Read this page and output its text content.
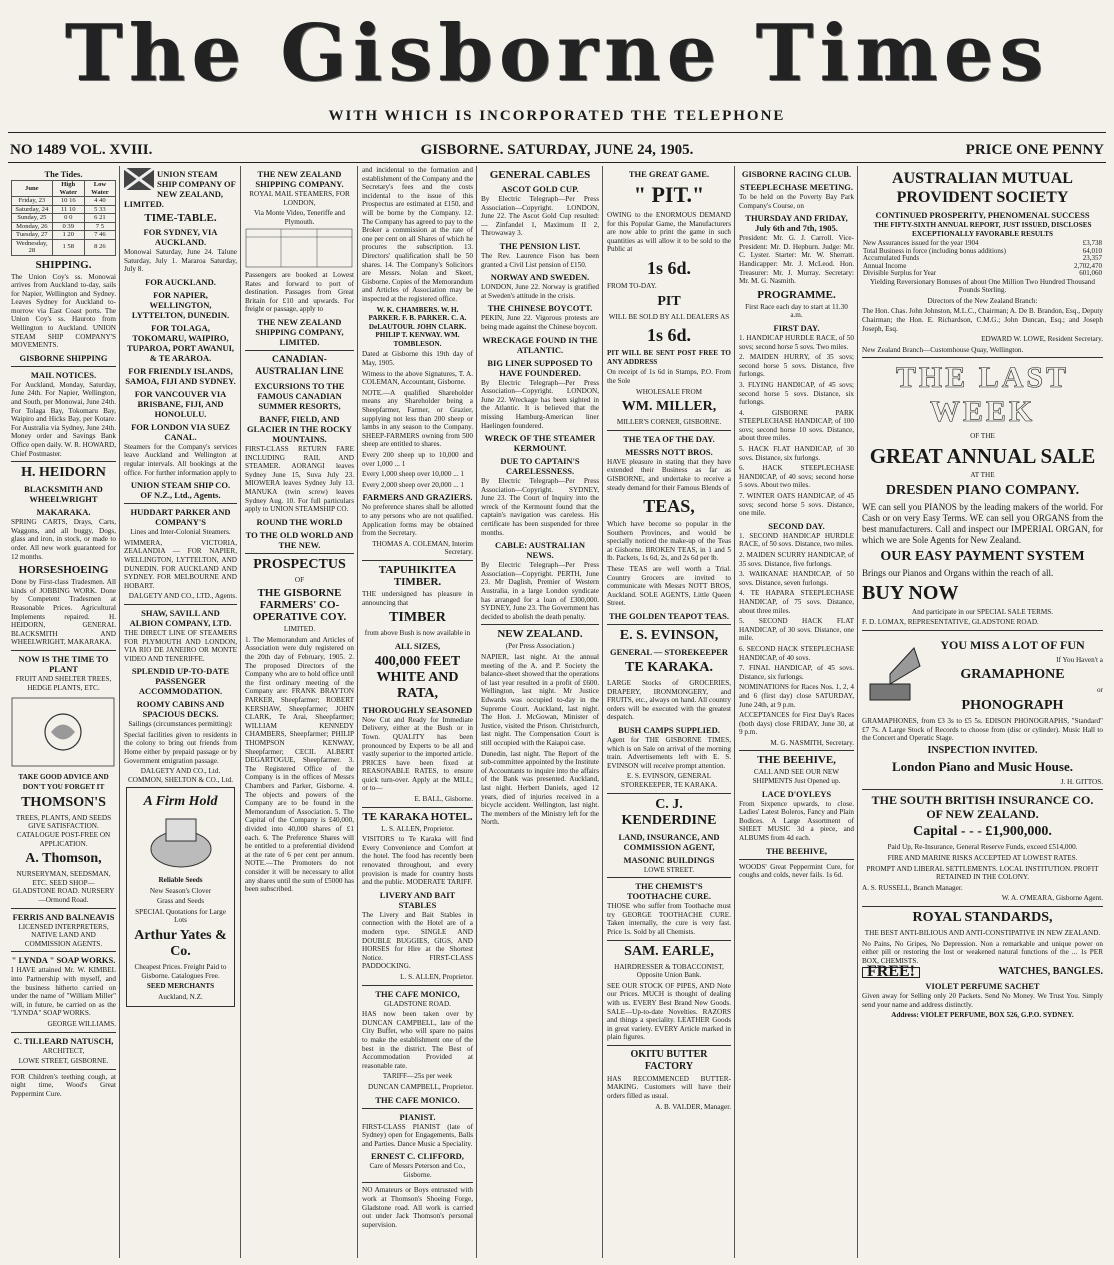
The Gisborne Times
WITH WHICH IS INCORPORATED THE TELEPHONE
NO 1489 VOL. XVIII.	GISBORNE. SATURDAY, JUNE 24, 1905.	PRICE ONE PENNY
The Tides.
June	High Water	Low Water
Friday, 23	10 16	4 40
Saturday, 24	11 10	5 33
Sunday, 25	0 0	6 21
Monday, 26	0 39	7 5
Tuesday, 27	1 20	7 46
Wednesday, 28	1 58	8 26
SHIPPING.

The Union Coy's ss. Monowai arrives from Auckland to-day, sails for Napier, Wellington and Sydney. Leaves Sydney for Auckland to-morrow via East Coast ports. The Union Coy's ss. Hauroto from Wellington to Auckland. UNION STEAM SHIP COMPANY'S MOVEMENTS.

GISBORNE SHIPPING
MAIL NOTICES.

For Auckland, Monday, Saturday, June 24th. For Napier, Wellington, and South, per Monowai, June 24th. For Tolaga Bay, Tokomaru Bay, Waipiro and Hicks Bay, per Kotare. For Australia via Sydney, June 24th. Money order and Savings Bank Office open daily. W. R. HOWARD, Chief Postmaster.

H. HEIDORN
BLACKSMITH AND WHEELWRIGHT
MAKARAKA.

SPRING CARTS, Drays, Carts, Waggons, and all buggy, Dogs, glass and iron, in stock, or made to order. All new work guaranteed for 12 months.

HORSESHOEING

Done by First-class Tradesmen. All kinds of JOBBING WORK. Done by Competent Tradesmen at Reasonable Prices. Agricultural Implements repaired. H. HEIDORN, GENERAL BLACKSMITH AND WHEELWRIGHT, MAKARAKA.

NOW IS THE TIME TO PLANT

FRUIT AND SHELTER TREES, HEDGE PLANTS, ETC.

TAKE GOOD ADVICE AND

DON'T YOU FORGET IT

THOMSON'S

TREES, PLANTS, AND SEEDS GIVE SATISFACTION. CATALOGUE POST-FREE ON APPLICATION.

A. Thomson,

NURSERYMAN, SEEDSMAN, ETC. SEED SHOP—GLADSTONE ROAD. NURSERY—Ormond Road.

FERRIS AND BALNEAVIS

LICENSED INTERPRETERS, NATIVE LAND AND COMMISSION AGENTS.

" LYNDA " SOAP WORKS.

I HAVE attained Mr. W. KIMBEL into Partnership with myself, and the business hitherto carried on under the name of "William Miller" will, in future, be carried on as the "LYNDA" SOAP WORKS.

GEORGE WILLIAMS.

C. TILLEARD NATUSCH,

ARCHITECT,

LOWE STREET, GISBORNE.

FOR Children's teething cough, at night time, Wood's Great Peppermint Cure.

UNION STEAM SHIP COMPANY OF NEW ZEALAND, LIMITED.
TIME-TABLE.
FOR SYDNEY, VIA AUCKLAND.

Monowai Saturday, June 24. Talune Saturday, July 1. Mararoa Saturday, July 8.

FOR AUCKLAND.
FOR NAPIER, WELLINGTON, LYTTELTON, DUNEDIN.
FOR TOLAGA, TOKOMARU, WAIPIRO, TUPAROA, PORT AWANUI, & TE ARAROA.
FOR FRIENDLY ISLANDS, SAMOA, FIJI AND SYDNEY.
FOR VANCOUVER VIA BRISBANE, FIJI, AND HONOLULU.
FOR LONDON VIA SUEZ CANAL.

Steamers for the Company's services leave Auckland and Wellington at regular intervals. All bookings at the office. For further information apply to

UNION STEAM SHIP CO. OF N.Z., Ltd., Agents.
HUDDART PARKER AND COMPANY'S

Lines and Inter-Colonial Steamers.

WIMMERA, VICTORIA, ZEALANDIA — FOR NAPIER, WELLINGTON, LYTTELTON, AND DUNEDIN. FOR AUCKLAND AND SYDNEY. FOR MELBOURNE AND HOBART.

DALGETY AND CO., LTD., Agents.

SHAW, SAVILL AND ALBION COMPANY, LTD.

THE DIRECT LINE OF STEAMERS FOR PLYMOUTH AND LONDON, VIA RIO DE JANEIRO OR MONTE VIDEO AND TENERIFFE.

SPLENDID UP-TO-DATE PASSENGER ACCOMMODATION.
ROOMY CABINS AND SPACIOUS DECKS.

Sailings (circumstances permitting):

Special facilities given to residents in the colony to bring out friends from Home either by prepaid passage or by Government emigration passage.

DALGETY AND CO., Ltd. COMMON, SHELTON & CO., Ltd.

A Firm Hold

Reliable Seeds

New Season's Clover

Grass and Seeds

SPECIAL Quotations for Large Lots

Arthur Yates & Co.

Cheapest Prices. Freight Paid to Gisborne. Catalogues Free.

SEED MERCHANTS

Auckland, N.Z.

THE NEW ZEALAND SHIPPING COMPANY.

ROYAL MAIL STEAMERS, FOR LONDON,

Via Monte Video, Teneriffe and Plymouth.

Passengers are booked at Lowest Rates and forward to port of destination. Passages from Great Britain for £10 and upwards. For freight or passage, apply to

THE NEW ZEALAND SHIPPING COMPANY, LIMITED.
CANADIAN-AUSTRALIAN LINE
EXCURSIONS TO THE FAMOUS CANADIAN SUMMER RESORTS,
BANFF, FIELD, AND GLACIER IN THE ROCKY MOUNTAINS.

FIRST-CLASS RETURN FARE INCLUDING RAIL AND STEAMER. AORANGI leaves Sydney June 15, Suva July 23. MIOWERA leaves Sydney July 13. MANUKA (twin screw) leaves Sydney Aug. 10. For full particulars apply to UNION STEAMSHIP CO.

ROUND THE WORLD
TO THE OLD WORLD AND THE NEW.
PROSPECTUS

OF

THE GISBORNE FARMERS' CO-OPERATIVE COY.

LIMITED.

1. The Memorandum and Articles of Association were duly registered on the 20th day of February, 1905. 2. The proposed Directors of the Company who are to hold office until the first ordinary meeting of the Company are: FRANK BRAYTON PARKER, Sheepfarmer; ROBERT KERSHAW, Sheepfarmer; JOHN CLARK, Te Arai, Sheepfarmer; WILLIAM KENNEDY CHAMBERS, Sheepfarmer; PHILIP THOMPSON KENWAY, Sheepfarmer; CECIL ALBERT DEGARTOGUE, Sheepfarmer. 3. The Registered Office of the Company is in the offices of Messrs Chambers and Parker, Gisborne. 4. The objects and powers of the Company are to be found in the Memorandum of Association. 5. The Capital of the Company is £40,000, divided into 40,000 shares of £1 each. 6. The Preference Shares will be entitled to a preferential dividend at the rate of 6 per cent per annum. NOTE.—The Promoters do not consider it will be necessary to allot any shares until the sum of £5000 has been subscribed.

and incidental to the formation and establishment of the Company and the Secretary's fees and the costs incidental to the issue of this Prospectus are estimated at £150, and will be borne by the Company. 12. The Company has agreed to pay to the Broker a commission at the rate of one per cent on all Shares of which he procures the subscription. 13. Directors' qualification shall be 50 shares. 14. The Company's Solicitors are Messrs. Nolan and Skeet, Gisborne. Copies of the Memorandum and Articles of Association may be inspected at the registered office.

W. K. CHAMBERS. W. H. PARKER. F. B. PARKER. C. A. DeLAUTOUR. JOHN CLARK. PHILIP T. KENWAY. WM. TOMBLESON.

Dated at Gisborne this 19th day of May, 1905.

Witness to the above Signatures, T. A. COLEMAN, Accountant, Gisborne.

NOTE.—A qualified Shareholder means any Shareholder being a Sheepfarmer, Farmer, or Grazier, supplying not less than 200 sheep or lambs in any season to the Company. SHEEP-FARMERS owning from 500 sheep are entitled to shares.

Every 200 sheep up to 10,000 and over 1,000 ... 1

Every 1,000 sheep over 10,000 ... 1

Every 2,000 sheep over 20,000 ... 1

FARMERS AND GRAZIERS.

No preference shares shall be allotted to any persons who are not qualified. Application forms may be obtained from the Secretary.

THOMAS A. COLEMAN, Interim Secretary.

TAPUHIKITEA TIMBER.

THE undersigned has pleasure in announcing that

TIMBER

from above Bush is now available in

ALL SIZES,
400,000 FEET WHITE AND RATA,
THOROUGHLY SEASONED

Now Cut and Ready for Immediate Delivery, either at the Bush or in Town. QUALITY has been pronounced by Experts to be all and vastly superior to the imported article. PRICES have been fixed at REASONABLE RATES, to ensure quick turn-over. Apply at the MILL; or to—

E. BALL, Gisborne.

TE KARAKA HOTEL.

L. S. ALLEN, Proprietor.

VISITORS to Te Karaka will find Every Convenience and Comfort at the hotel. The food has recently been renovated throughout, and every provision is made for country hosts and the public. MODERATE TARIFF.

LIVERY AND BAIT STABLES

The Livery and Bait Stables in connection with the Hotel are of a modern type. SINGLE AND DOUBLE BUGGIES, GIGS, AND HORSES for Hire at the Shortest Notice. FIRST-CLASS PADDOCKING.

L. S. ALLEN, Proprietor.

THE CAFE MONICO,

GLADSTONE ROAD.

HAS now been taken over by DUNCAN CAMPBELL, late of the City Buffet, who will spare no pains to make the establishment one of the best in the district. The Best of Accommodation Provided at reasonable rate.

TARIFF—25s per week

DUNCAN CAMPBELL, Proprietor.

THE CAFE MONICO.
PIANIST.

FIRST-CLASS PIANIST (late of Sydney) open for Engagements, Balls and Parties. Dance Music a Speciality.

ERNEST C. CLIFFORD,

Care of Messrs Peterson and Co., Gisborne.

NO Amateurs or Boys entrusted with work at Thomson's Shoeing Forge, Gladstone road. All work is carried out under Jack Thomson's personal supervision.

GENERAL CABLES
ASCOT GOLD CUP.

By Electric Telegraph—Per Press Association—Copyright. LONDON, June 22. The Ascot Gold Cup resulted:— Zinfandel 1, Maximum II 2, Throwaway 3.

THE PENSION LIST.

The Rev. Laurence Fison has been granted a Civil List pension of £150.

NORWAY AND SWEDEN.

LONDON, June 22. Norway is gratified at Sweden's attitude in the crisis.

THE CHINESE BOYCOTT.

PEKIN, June 22. Vigorous protests are being made against the Chinese boycott.

WRECKAGE FOUND IN THE ATLANTIC.
BIG LINER SUPPOSED TO HAVE FOUNDERED.

By Electric Telegraph—Per Press Association—Copyright. LONDON, June 22. Wreckage has been sighted in the Atlantic. It is believed that the missing Hamburg-American liner Haelingen foundered.

WRECK OF THE STEAMER KERMOUNT.
DUE TO CAPTAIN'S CARELESSNESS.

By Electric Telegraph—Per Press Association—Copyright. SYDNEY, June 23. The Court of Inquiry into the wreck of the Kermount found that the captain's navigation was careless. His certificate has been suspended for three months.

CABLE: AUSTRALIAN NEWS.

By Electric Telegraph—Per Press Association—Copyright. PERTH, June 23. Mr Daglish, Premier of Western Australia, in a large London syndicate has arranged for a loan of £300,000. SYDNEY, June 23. The Government has decided to abolish the death penalty.

NEW ZEALAND.

(Per Press Association.)

NAPIER, last night. At the annual meeting of the A. and P. Society the balance-sheet showed that the operations of last year resulted in a profit of £600. Wellington, last night. Mr Justice Edwards was occupied to-day in the Supreme Court. Auckland, last night. The Hon. J. McGowan, Minister of Justice, visited the Prison. Christchurch, last night. The Compensation Court is still occupied with the Kaiapoi case.

Dunedin, last night. The Report of the sub-committee appointed by the Institute of Accountants to inquire into the affairs of the Bank was presented. Auckland, last night. Herbert Daniels, aged 12 years, died of injuries received in a bicycle accident. Wellington, last night. The members of the Ministry left for the North.

THE GREAT GAME.
" PIT."

OWING to the ENORMOUS DEMAND for this Popular Game, the Manufacturers are now able to print the game in such quantities as will allow it to be sold to the Public at

1s 6d.

FROM TO-DAY.

PIT

WILL BE SOLD BY ALL DEALERS AS

1s 6d.

PIT WILL BE SENT POST FREE TO ANY ADDRESS

On receipt of 1s 6d in Stamps, P.O. From the Sole

WHOLESALE FROM

WM. MILLER,

MILLER'S CORNER, GISBORNE.

THE TEA OF THE DAY.
MESSRS NOTT BROS.

HAVE pleasure in stating that they have extended their Business as far as GISBORNE, and undertake to receive a steady demand for their Famous Blends of

TEAS,

Which have become so popular in the Southern Provinces, and would be specially noticed the make-up of the Teas at Gisborne. BROKEN TEAS, in 1 and 5 lb. Packets, 1s 6d, 2s, and 2s 6d per lb.

These TEAS are well worth a Trial. Country Grocers are invited to communicate with Messrs NOTT BROS, Auckland. SOLE AGENTS, Little Queen Street.

THE GOLDEN TEAPOT TEAS.
E. S. EVINSON,
GENERAL — STOREKEEPER
TE KARAKA.

LARGE Stocks of GROCERIES, DRAPERY, IRONMONGERY, and FRUITS, etc., always on hand. All country orders will be executed with the greatest despatch.

BUSH CAMPS SUPPLIED.

Agent for THE GISBORNE TIMES, which is on Sale on arrival of the morning train. Advertisements left with E. S. EVINSON will receive prompt attention.

E. S. EVINSON, GENERAL STOREKEEPER, TE KARAKA.

C. J. KENDERDINE
LAND, INSURANCE, AND COMMISSION AGENT,
MASONIC BUILDINGS

LOWE STREET.

THE CHEMIST'S TOOTHACHE CURE.

THOSE who suffer from Toothache must try GEORGE TOOTHACHE CURE. Taken internally, the cure is very fast. Price 1s. Sold by all Chemists.

SAM. EARLE,

HAIRDRESSER & TOBACCONIST, Opposite Union Bank.

SEE OUR STOCK OF PIPES, AND Note our Prices. MUCH is thought of dealing with us. EVERY Best Brand New Goods. SALE—Up-to-date Novelties. RAZORS and things a speciality. LEATHER Goods in great variety. EVERY Article marked in plain figures.

OKITU BUTTER FACTORY

HAS RECOMMENCED BUTTER-MAKING. Customers will have their orders filled as usual.

A. B. VALDER, Manager.

GISBORNE RACING CLUB.
STEEPLECHASE MEETING.

To be held on the Poverty Bay Park Company's Course, on

THURSDAY AND FRIDAY, July 6th and 7th, 1905.

President: Mr. G. J. Carroll. Vice-President: Mr. D. Hepburn. Judge: Mr. C. Lyster. Starter: Mr. W. Sherratt. Handicapper: Mr. J. McLeod. Hon. Treasurer: Mr. J. Murray. Secretary: Mr. M. G. Nasmith.

PROGRAMME.

First Race each day to start at 11.30 a.m.

FIRST DAY.

1. HANDICAP HURDLE RACE, of 50 sovs; second horse 5 sovs. Two miles.

2. MAIDEN HURRY, of 35 sovs; second horse 5 sovs. Distance, five furlongs.

3. FLYING HANDICAP, of 45 sovs; second horse 5 sovs. Distance, six furlongs.

4. GISBORNE PARK STEEPLECHASE HANDICAP, of 100 sovs; second horse 10 sovs. Distance, about three miles.

5. HACK FLAT HANDICAP, of 30 sovs. Distance, six furlongs.

6. HACK STEEPLECHASE HANDICAP, of 40 sovs; second horse 5 sovs. About two miles.

7. WINTER OATS HANDICAP, of 45 sovs; second horse 5 sovs. Distance, one mile.

SECOND DAY.

1. SECOND HANDICAP HURDLE RACE, of 50 sovs. Distance, two miles.

2. MAIDEN SCURRY HANDICAP, of 35 sovs. Distance, five furlongs.

3. WAIKANAE HANDICAP, of 50 sovs. Distance, seven furlongs.

4. TE HAPARA STEEPLECHASE HANDICAP, of 75 sovs. Distance, about three miles.

5. SECOND HACK FLAT HANDICAP, of 30 sovs. Distance, one mile.

6. SECOND HACK STEEPLECHASE HANDICAP, of 40 sovs.

7. FINAL HANDICAP, of 45 sovs. Distance, six furlongs.

NOMINATIONS for Races Nos. 1, 2, 4 and 6 (first day) close SATURDAY, June 24th, at 9 p.m.

ACCEPTANCES for First Day's Races (both days) close FRIDAY, June 30, at 9 p.m.

M. G. NASMITH, Secretary.

THE BEEHIVE,

CALL AND SEE OUR NEW SHIPMENTS Just Opened up.

LACE D'OYLEYS

From Sixpence upwards, to close. Ladies' Latest Boleros, Fancy and Plain Bodices. A Large Assortment of SHEET MUSIC 3d a piece, and ALBUMS from 4d each.

THE BEEHIVE,

WOODS' Great Peppermint Cure, for coughs and colds, never fails. 1s 6d.

AUSTRALIAN MUTUAL PROVIDENT SOCIETY
CONTINUED PROSPERITY, PHENOMENAL SUCCESS

THE FIFTY-SIXTH ANNUAL REPORT, JUST ISSUED, DISCLOSES EXCEPTIONALLY FAVORABLE RESULTS

New Assurances issued for the year 1904	£3,738
Total Business in force (including bonus additions)	64,010
Accumulated Funds	23,357
Annual Income	2,702,470
Divisible Surplus for Year	601,060

Yielding Reversionary Bonuses of about One Million Two Hundred Thousand Pounds Sterling.

Directors of the New Zealand Branch:

The Hon. Chas. John Johnston, M.L.C., Chairman; A. De B. Brandon, Esq., Deputy Chairman; the Hon. E. Richardson, C.M.G.; John Duncan, Esq.; and Joseph Joseph, Esq.

EDWARD W. LOWE, Resident Secretary.

New Zealand Branch—Customhouse Quay, Wellington.

THE LAST WEEK

OF THE

GREAT ANNUAL SALE

AT THE

DRESDEN PIANO COMPANY.

WE can sell you PIANOS by the leading makers of the world. For Cash or on very Easy Terms. WE can sell you ORGANS from the best manufacturers. Call and inspect our IMPERIAL ORGAN, for which we are Sole Agents for New Zealand.

OUR EASY PAYMENT SYSTEM

Brings our Pianos and Organs within the reach of all.

BUY NOW

And participate in our SPECIAL SALE TERMS.

F. D. LOMAX, REPRESENTATIVE, GLADSTONE ROAD.

YOU MISS A LOT OF FUN

If You Haven't a

GRAMAPHONE

or

PHONOGRAPH

GRAMAPHONES, from £3 3s to £5 5s. EDISON PHONOGRAPHS, "Standard" £7 7s. A Large Stock of Records to choose from (disc or cylinder). Music Hall to the Concert and Operatic Stage.

INSPECTION INVITED.
London Piano and Music House.

J. H. GITTOS.

THE SOUTH BRITISH INSURANCE CO. OF NEW ZEALAND.
Capital - - - £1,900,000.

Paid Up, Re-Insurance, General Reserve Funds, exceed £514,000.

FIRE AND MARINE RISKS ACCEPTED AT LOWEST RATES.

PROMPT AND LIBERAL SETTLEMENTS. LOCAL INSTITUTION. PROFIT RETAINED IN THE COLONY.

A. S. RUSSELL, Branch Manager.

W. A. O'MEARA, Gisborne Agent.

ROYAL STANDARDS,

THE BEST ANTI-BILIOUS AND ANTI-CONSTIPATIVE IN NEW ZEALAND.

No Pains, No Gripes, No Depression. Non a remarkable and unique power on either pill or restoring the lost or weakened natural functions of the ... 1s PER BOX, CHEMISTS.

FREE!	WATCHES, BANGLES.
VIOLET PERFUME SACHET

Given away for Selling only 20 Packets. Send No Money. We Trust You. Simply send your name and address distinctly.

Address: VIOLET PERFUME, BOX 526, G.P.O. SYDNEY.
